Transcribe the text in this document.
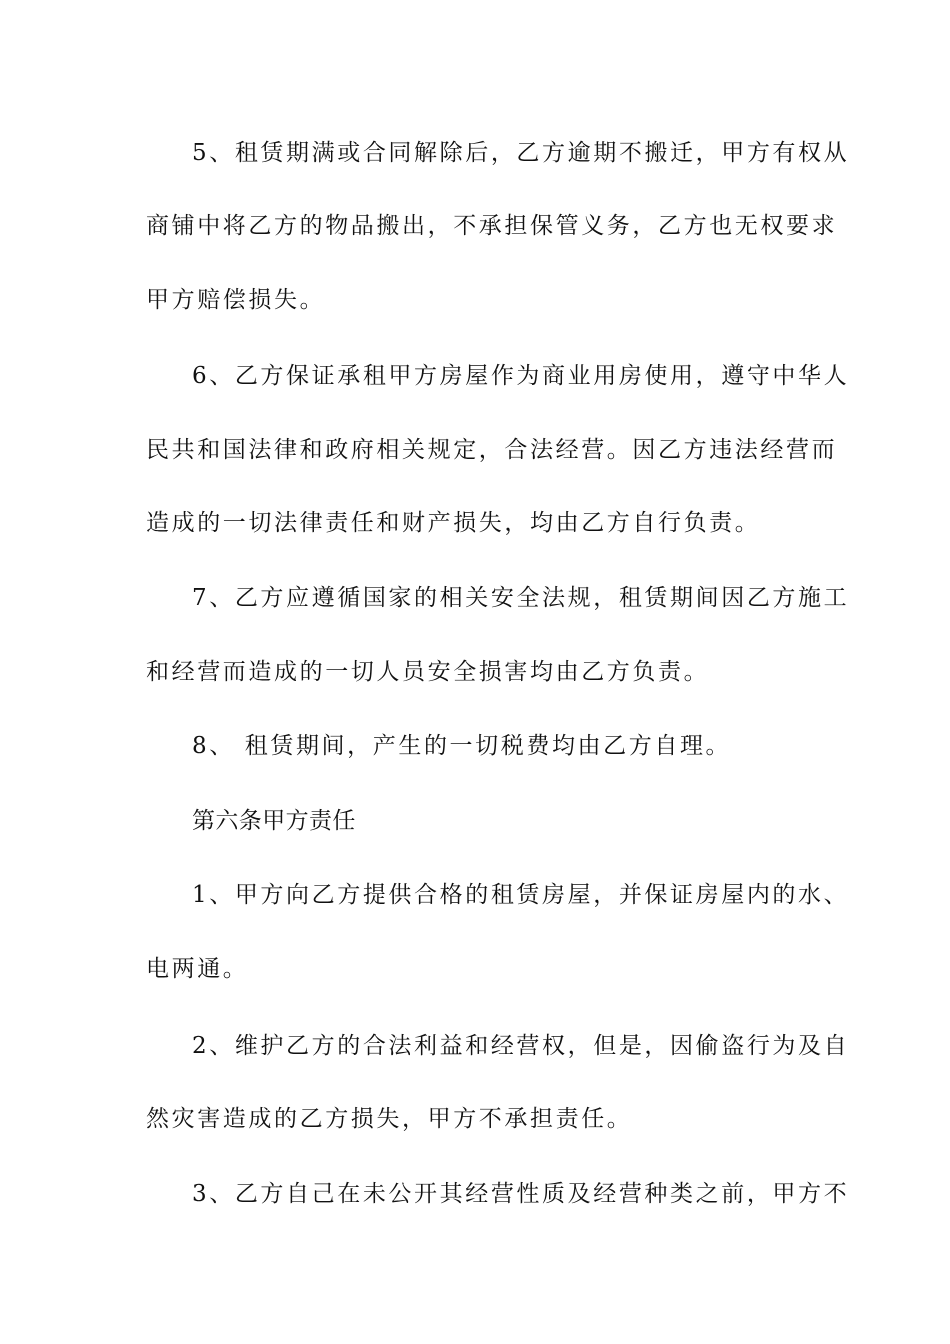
5、租赁期满或合同解除后，乙方逾期不搬迁，甲方有权从
商铺中将乙方的物品搬出，不承担保管义务，乙方也无权要求
甲方赔偿损失。
6、乙方保证承租甲方房屋作为商业用房使用，遵守中华人
民共和国法律和政府相关规定，合法经营。因乙方违法经营而
造成的一切法律责任和财产损失，均由乙方自行负责。
7、乙方应遵循国家的相关安全法规，租赁期间因乙方施工
和经营而造成的一切人员安全损害均由乙方负责。
8、 租赁期间，产生的一切税费均由乙方自理。
第六条甲方责任
1、甲方向乙方提供合格的租赁房屋，并保证房屋内的水、
电两通。
2、维护乙方的合法利益和经营权，但是，因偷盗行为及自
然灾害造成的乙方损失，甲方不承担责任。
3、乙方自己在未公开其经营性质及经营种类之前，甲方不
